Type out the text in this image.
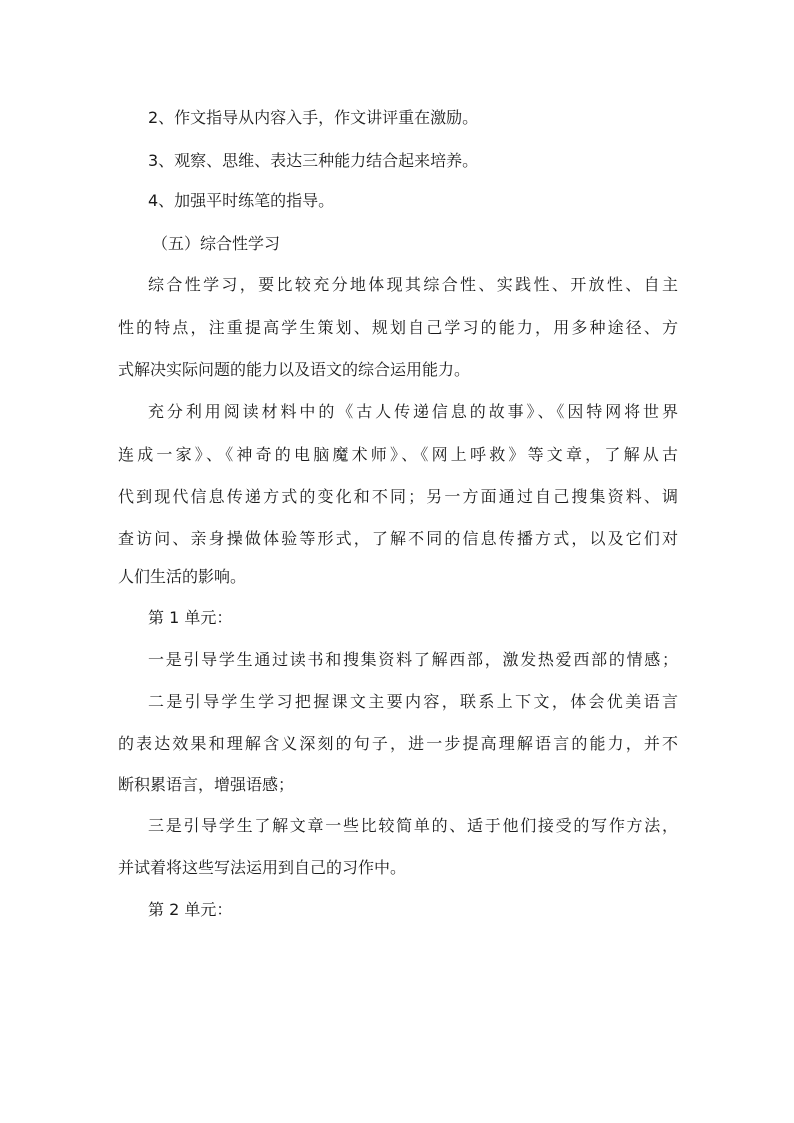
2、作文指导从内容入手，作文讲评重在激励。
3、观察、思维、表达三种能力结合起来培养。
4、加强平时练笔的指导。
（五）综合性学习
综合性学习，要比较充分地体现其综合性、实践性、开放性、自主
性的特点，注重提高学生策划、规划自己学习的能力，用多种途径、方
式解决实际问题的能力以及语文的综合运用能力。
充分利用阅读材料中的《古人传递信息的故事》、《因特网将世界
连成一家》、《神奇的电脑魔术师》、《网上呼救》等文章，了解从古
代到现代信息传递方式的变化和不同；另一方面通过自己搜集资料、调
查访问、亲身操做体验等形式，了解不同的信息传播方式，以及它们对
人们生活的影响。
第 1 单元：
一是引导学生通过读书和搜集资料了解西部，激发热爱西部的情感；
二是引导学生学习把握课文主要内容，联系上下文，体会优美语言
的表达效果和理解含义深刻的句子，进一步提高理解语言的能力，并不
断积累语言，增强语感；
三是引导学生了解文章一些比较简单的、适于他们接受的写作方法，
并试着将这些写法运用到自己的习作中。
第 2 单元：
